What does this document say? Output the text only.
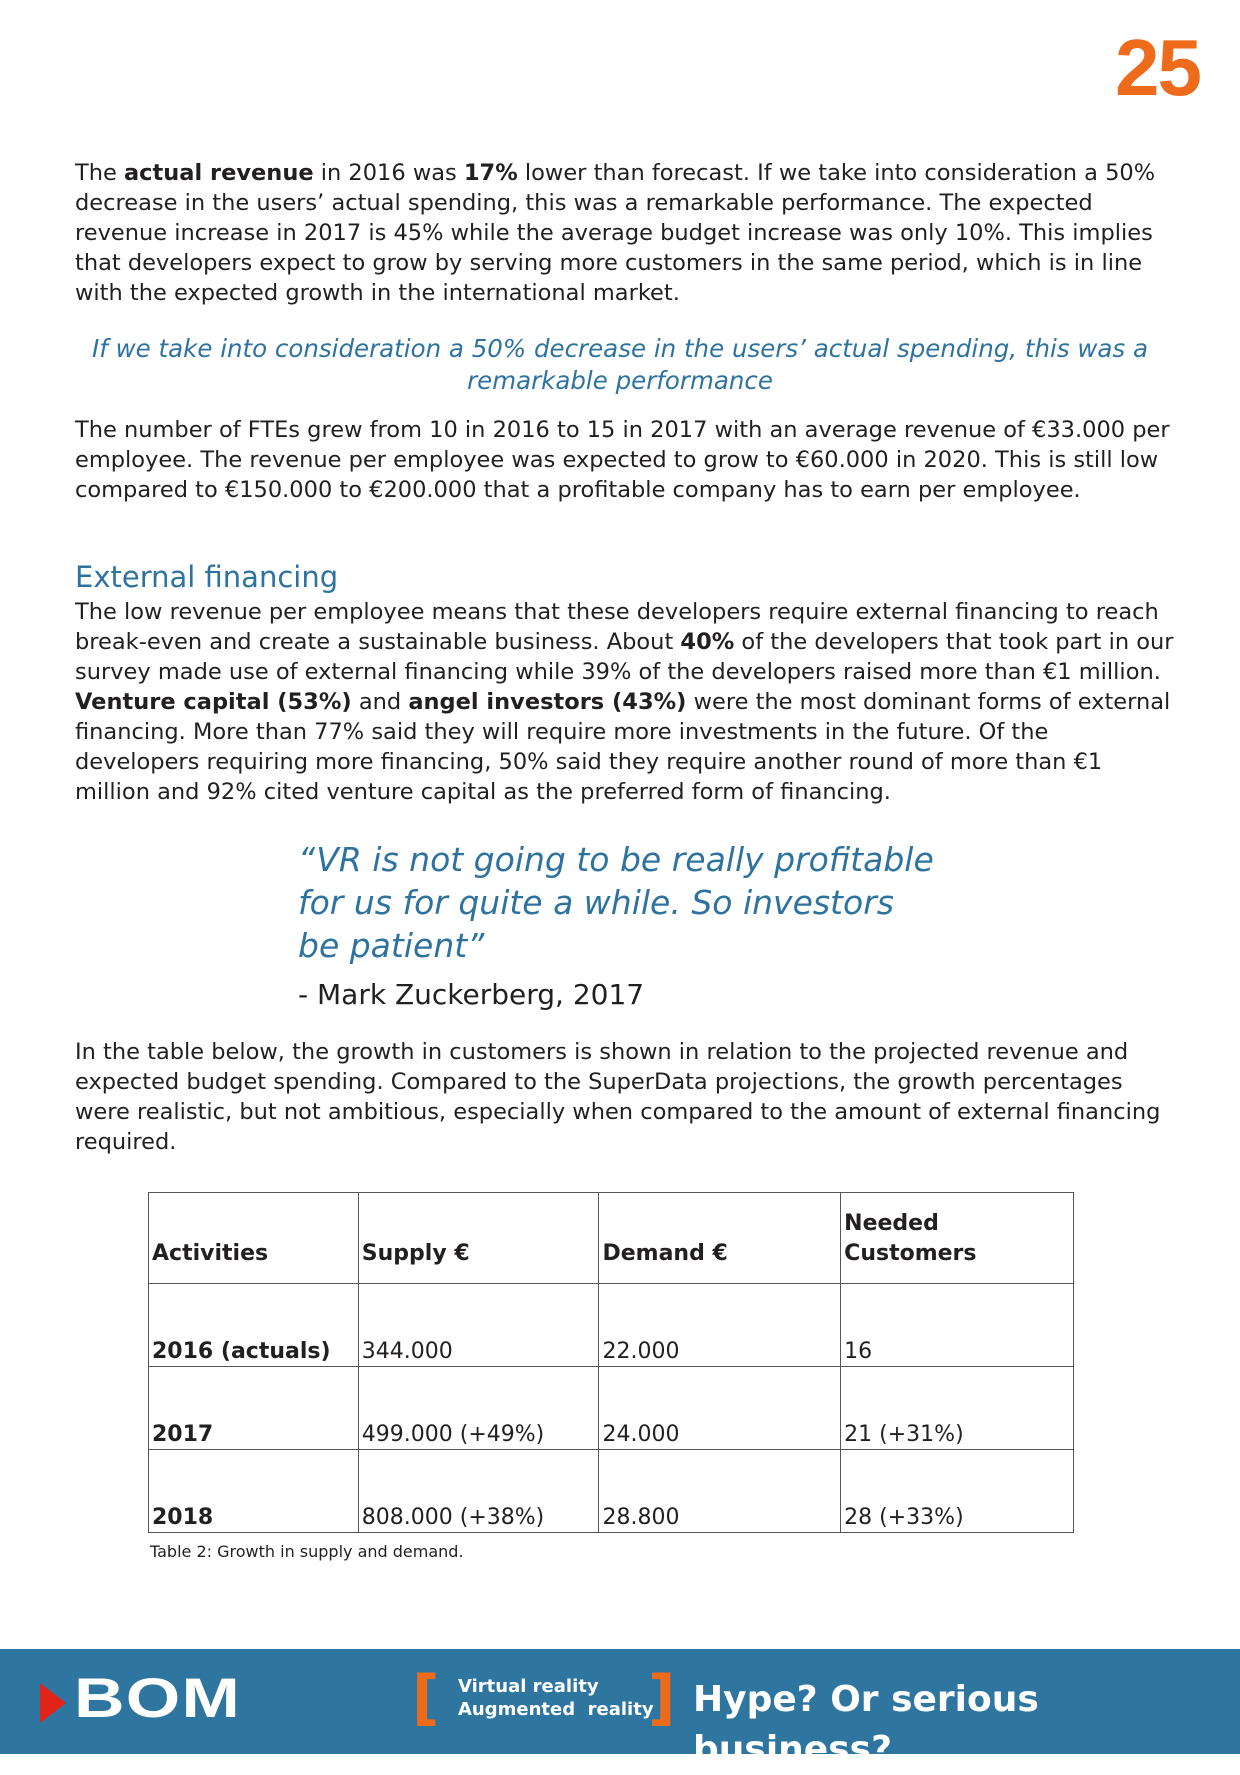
25

The actual revenue in 2016 was 17% lower than forecast. If we take into consideration a 50% decrease in the users’ actual spending, this was a remarkable performance. The expected revenue increase in 2017 is 45% while the average budget increase was only 10%. This implies that developers expect to grow by serving more customers in the same period, which is in line with the expected growth in the international market.

If we take into consideration a 50% decrease in the users’ actual spending, this was a remarkable performance

The number of FTEs grew from 10 in 2016 to 15 in 2017 with an average revenue of €33.000 per employee. The revenue per employee was expected to grow to €60.000 in 2020. This is still low compared to €150.000 to €200.000 that a profitable company has to earn per employee.

External financing

The low revenue per employee means that these developers require external financing to reach break-even and create a sustainable business. About 40% of the developers that took part in our survey made use of external financing while 39% of the developers raised more than €1 million. Venture capital (53%) and angel investors (43%) were the most dominant forms of external financing. More than 77% said they will require more investments in the future. Of the developers requiring more financing, 50% said they require another round of more than €1 million and 92% cited venture capital as the preferred form of financing.

“VR is not going to be really profitable for us for quite a while. So investors be patient”

- Mark Zuckerberg, 2017

In the table below, the growth in customers is shown in relation to the projected revenue and expected budget spending. Compared to the SuperData projections, the growth percentages were realistic, but not ambitious, especially when compared to the amount of external financing required.

Activities	Supply €	Demand €	Needed Customers
2016 (actuals)	344.000	22.000	16
2017	499.000 (+49%)	24.000	21 (+31%)
2018	808.000 (+38%)	28.800	28 (+33%)

Table 2: Growth in supply and demand.

BOM	[ Virtual reality
Augmented  reality
] Hype? Or serious business?
